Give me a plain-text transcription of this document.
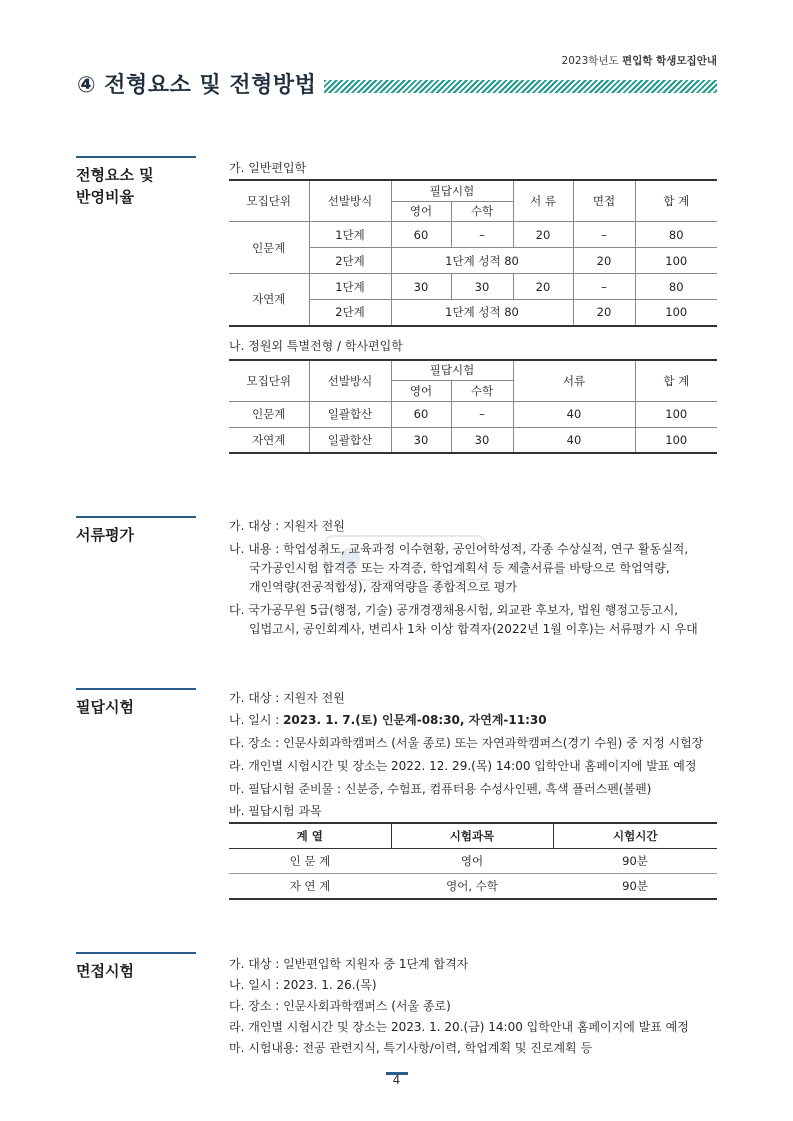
2023학년도 편입학 학생모집안내
④ 전형요소 및 전형방법
전형요소 및
반영비율
가. 일반편입학
모집단위	선발방식	필답시험		서 류	면접	합 계
		영어	수학			
인문계	1단계	60	–	20	–	80
	2단계	1단계 성적 80			20	100
자연계	1단계	30	30	20	–	80
	2단계	1단계 성적 80			20	100
나. 정원외 특별전형 / 학사편입학
모집단위	선발방식	필답시험		서류	합 계
		영어	수학		
인문계	일괄합산	60	–	40	100
자연계	일괄합산	30	30	40	100
서류평가	가. 대상 : 지원자 전원
나. 내용 : 학업성취도, 교육과정 이수현황, 공인어학성적, 각종 수상실적, 연구 활동실적,
국가공인시험 합격증 또는 자격증, 학업계획서 등 제출서류를 바탕으로 학업역량,
개인역량(전공적합성), 잠재역량을 종합적으로 평가
다. 국가공무원 5급(행정, 기술) 공개경쟁채용시험, 외교관 후보자, 법원 행정고등고시,
입법고시, 공인회계사, 변리사 1차 이상 합격자(2022년 1월 이후)는 서류평가 시 우대
필답시험	가. 대상 : 지원자 전원
나. 일시 : 2023. 1. 7.(토) 인문계-08:30, 자연계-11:30
다. 장소 : 인문사회과학캠퍼스 (서울 종로) 또는 자연과학캠퍼스(경기 수원) 중 지정 시험장
라. 개인별 시험시간 및 장소는 2022. 12. 29.(목) 14:00 입학안내 홈페이지에 발표 예정
마. 필답시험 준비물 : 신분증, 수험표, 컴퓨터용 수성사인펜, 흑색 플러스펜(볼펜)
바. 필답시험 과목
계 열	시험과목	시험시간
인 문 계	영어	90분
자 연 계	영어, 수학	90분
면접시험	가. 대상 : 일반편입학 지원자 중 1단계 합격자
나. 일시 : 2023. 1. 26.(목)
다. 장소 : 인문사회과학캠퍼스 (서울 종로)
라. 개인별 시험시간 및 장소는 2023. 1. 20.(금) 14:00 입학안내 홈페이지에 발표 예정
마. 시험내용: 전공 관련지식, 특기사항/이력, 학업계획 및 진로계획 등
4
